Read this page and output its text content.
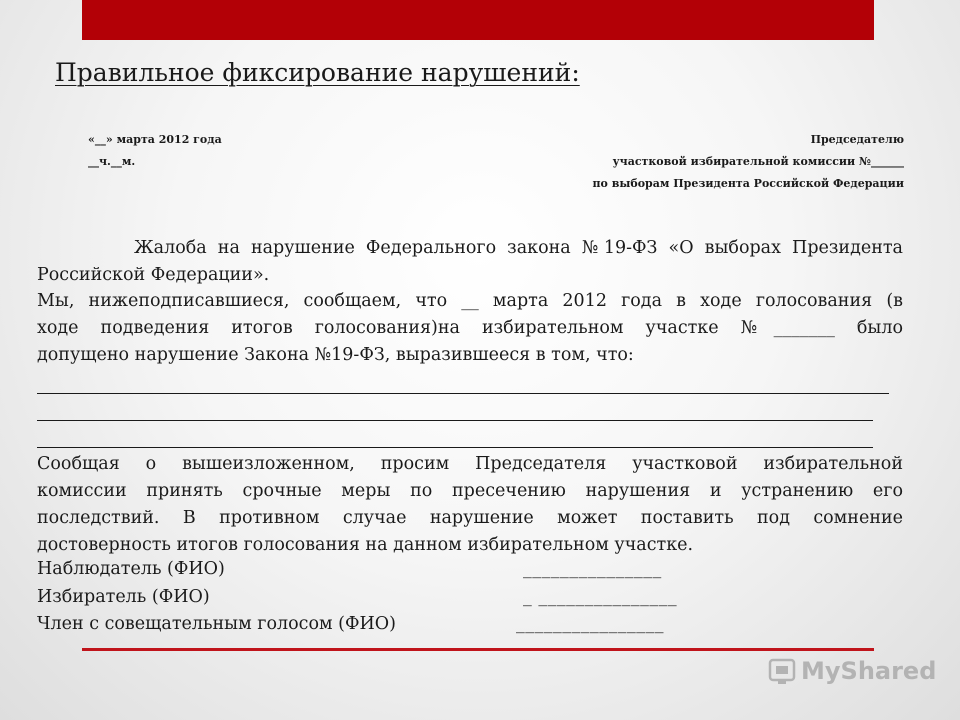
Правильное фиксирование нарушений:
«__» марта 2012 года
__ч.__м.
Председателю
участковой избирательной комиссии №______
по выборам Президента Российской Федерации
Жалоба на нарушение Федерального закона №19-ФЗ «О выборах Президента
Российской Федерации».
Мы, нижеподписавшиеся, сообщаем, что __ марта 2012 года в ходе голосования (в
ходе подведения итогов голосования)на избирательном участке №_______ было
допущено нарушение Закона №19-ФЗ, выразившееся в том, что:
Сообщая о вышеизложенном, просим Председателя участковой избирательной
комиссии принять срочные меры по пресечению нарушения и устранению его
последствий. В противном случае нарушение может поставить под сомнение
достоверность итогов голосования на данном избирательном участке.
Наблюдатель (ФИО)	_______________
Избиратель (ФИО)	_ _______________
Член с совещательным голосом (ФИО)	________________
MyShared
